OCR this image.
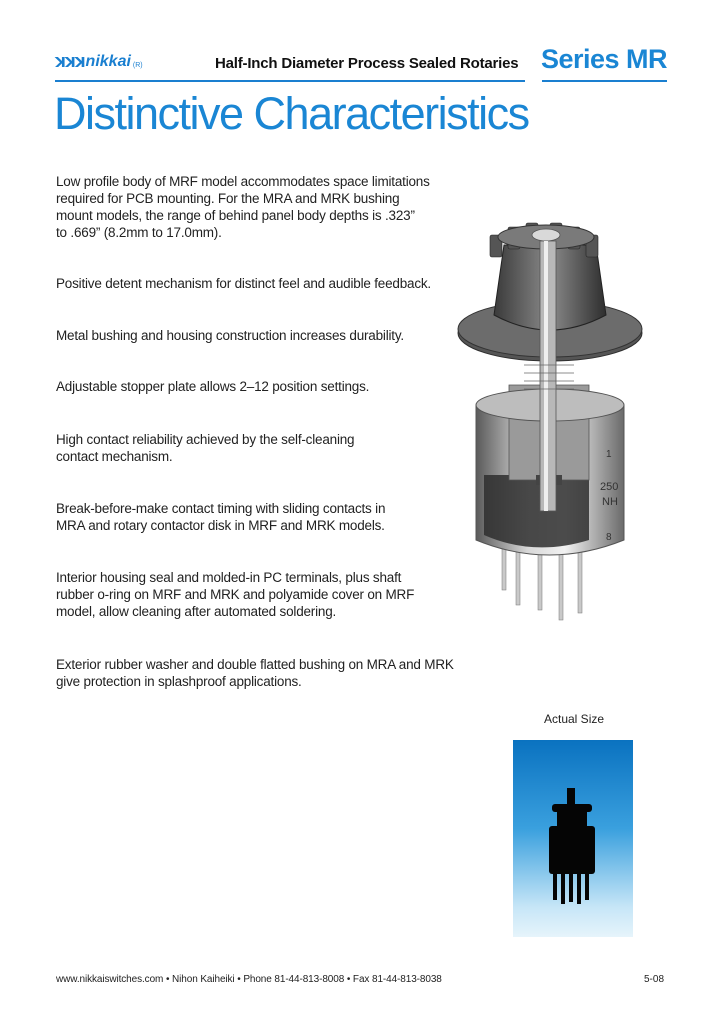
ꓘꓘꓘ nikkai (R)	Half-Inch Diameter Process Sealed Rotaries Series MR
Distinctive Characteristics
Low profile body of MRF model accommodates space limitations
required for PCB mounting. For the MRA and MRK bushing
mount models, the range of behind panel body depths is .323”
to .669” (8.2mm to 17.0mm).
Positive detent mechanism for distinct feel and audible feedback.
Metal bushing and housing construction increases durability.
Adjustable stopper plate allows 2–12 position settings.
High contact reliability achieved by the self-cleaning
contact mechanism.
Break-before-make contact timing with sliding contacts in
MRA and rotary contactor disk in MRF and MRK models.
Interior housing seal and molded-in PC terminals, plus shaft
rubber o-ring on MRF and MRK and polyamide cover on MRF
model, allow cleaning after automated soldering.
Exterior rubber washer and double flatted bushing on MRA and MRK
give protection in splashproof applications.
1
250
NH
8
Actual Size
www.nikkaiswitches.com • Nihon Kaiheiki • Phone 81-44-813-8008 • Fax 81-44-813-8038	5-08
